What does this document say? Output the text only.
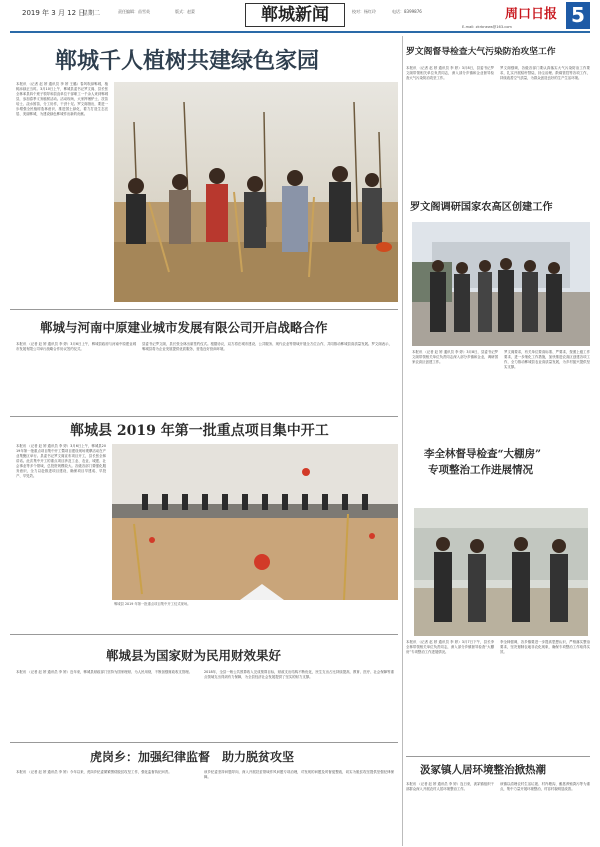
2019 年 3 月 12 日
星期二	责任编辑：苗雪英	版式：赵蒙	郸城新闻	校对：杨红玲	电话：8399876	周口日报 5
E-mail: zkrbnews@163.com
郸城千人植树共建绿色家园
本报讯 （记者 赵 婷 通讯员 李 婷 王璐）春风吹绿郸城，植树添绿正当时。3月10日上午，郸城县委书记罗文阁、县长张全林率县四个班子领导和县直单位干部职工一千余人来到郸城县，参加春季义务植树活动。活动现场，大家挥锹铲土、扶苗培土、浇水固苗，分工协作，干劲十足。罗文阁指出，要进一步增强全民植树造林意识，推进国土绿化，着力打造生态宜居、美丽郸城，为建设绿色郸城作出新的贡献。
罗文阁督导检查大气污染防治攻坚工作
本报讯 （记者 赵 婷 通讯员 李 婷）3月8日，县委书记罗文阁带领相关单位负责同志，深入部分乡镇和企业督导检查大气污染防治攻坚工作。
罗文阁强调，各级各部门要认真落实大气污染防治工作要求，扎实开展秸秆禁烧、扬尘治理、散煤管控等各项工作，持续改善空气质量，为群众创造良好的生产生活环境。
罗文阁调研国家农高区创建工作
本报讯 （记者 赵 婷 通讯员 李 婷）3月8日，县委书记罗文阁带领相关单位负责同志深入部分乡镇和企业，调研国家农高区创建工作。
罗文阁要求，有关单位要高标准、严要求，按照上级工作要求，进一步细化工作措施，加快推进农高区创建各项工作，全力推动郸城县农业高质量发展，为乡村振兴提供坚实支撑。
郸城与河南中原建业城市发展有限公司开启战略合作
本报讯 （记者 赵 婷 通讯员 李 婷）3月6日上午，郸城县政府与河南中原建业城市发展有限公司举行战略合作协议签约仪式。
县委书记罗文阁，县长张全林出席签约仪式。根据协议，双方将在城市建设、公共服务、现代农业等领域开展全方位合作，共同推动郸城县高质量发展。罗文阁表示，郸城县将为企业发展提供优质服务，营造良好营商环境。
郸城县 2019 年第一批重点项目集中开工
本报讯 （记者 赵 婷 通讯员 李 婷）3月6日上午，郸城县2019年第一批重点项目集中开工暨项目建设现场观摩活动在产业集聚区举行。县委书记罗文阁宣布项目开工，县长张全林讲话。此次集中开工的重点项目涉及工业、农业、城建、社会事业等多个领域，总投资规模较大。各级各部门要强化服务意识，全力以赴推进项目建设，确保项目早建成、早投产、早见效。
郸城县 2019 年第一批重点项目集中开工仪式现场。
李全林督导检查“大棚房”
专项整治工作进展情况
本报讯 （记者 赵 婷 通讯员 李 婷）3月7日下午，县长李全林带领相关单位负责同志，深入部分乡镇督导检查“大棚房”专项整治工作进展情况。
李全林强调，各乡镇要进一步提高思想认识，严格落实整治要求，坚决遏制农地非农化现象，确保专项整治工作取得实效。
郸城县为国家财为民用财效果好
本报讯 （记者 赵 婷 通讯员 李 婷）近年来，郸城县财政部门坚持为国家理财、为人民用财，不断加强财政收支管理。	2018年，全县一般公共预算收入完成预算目标，财政支出结构不断优化，民生支出占比持续提高，教育、医疗、社会保障等重点领域支出得到有力保障，为全县经济社会发展提供了坚实的财力支撑。
虎岗乡：加强纪律监督　助力脱贫攻坚
本报讯 （记者 赵 婷 通讯员 李 婷）今年以来，虎岗乡纪委紧紧围绕脱贫攻坚工作，强化监督执纪问责。	该乡纪委坚持问题导向，深入开展扶贫领域作风问题专项治理，对发现的问题及时督促整改，切实为脱贫攻坚提供坚强纪律保障。
汲冢镇人居环境整治掀热潮
本报讯 （记者 赵 婷 通讯员 李 婷）连日来，汲冢镇组织干部群众深入开展农村人居环境整治工作。
该镇以清理农村生活垃圾、村内塘沟、畜禽养殖粪污等为重点，集中力量开展环境整治，村容村貌明显改善。
